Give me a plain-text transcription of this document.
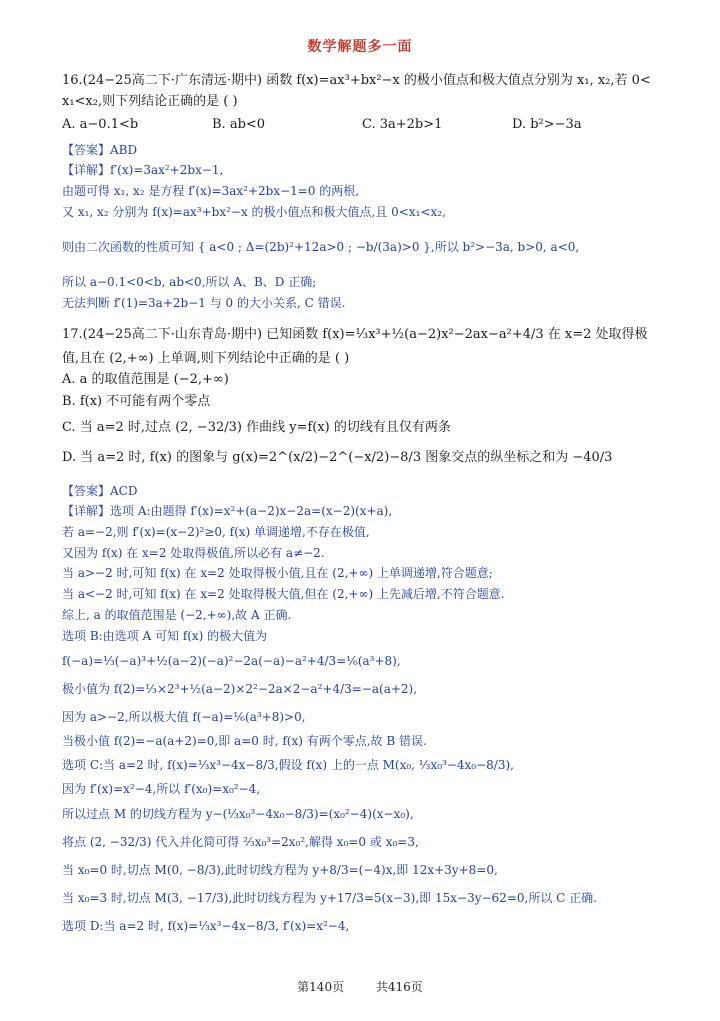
数学解题多一面

16.(24−25高二下·广东清远·期中) 函数 f(x)=ax³+bx²−x 的极小值点和极大值点分别为 x₁, x₂,若 0<

x₁<x₂,则下列结论正确的是 ( )

A. a−0.1<b	B. ab<0	C. 3a+2b>1	D. b²>−3a

【答案】ABD

【详解】f′(x)=3ax²+2bx−1,

由题可得 x₁, x₂ 是方程 f′(x)=3ax²+2bx−1=0 的两根,

又 x₁, x₂ 分别为 f(x)=ax³+bx²−x 的极小值点和极大值点,且 0<x₁<x₂,

则由二次函数的性质可知 { a<0 ; Δ=(2b)²+12a>0 ; −b/(3a)>0 },所以 b²>−3a, b>0, a<0,

所以 a−0.1<0<b, ab<0,所以 A、B、D 正确;

无法判断 f′(1)=3a+2b−1 与 0 的大小关系, C 错误.

17.(24−25高二下·山东青岛·期中) 已知函数 f(x)=⅓x³+½(a−2)x²−2ax−a²+4/3 在 x=2 处取得极

值,且在 (2,+∞) 上单调,则下列结论中正确的是 ( )

A. a 的取值范围是 (−2,+∞)

B. f(x) 不可能有两个零点

C. 当 a=2 时,过点 (2, −32/3) 作曲线 y=f(x) 的切线有且仅有两条

D. 当 a=2 时, f(x) 的图象与 g(x)=2^(x/2)−2^(−x/2)−8/3 图象交点的纵坐标之和为 −40/3

【答案】ACD

【详解】选项 A:由题得 f′(x)=x²+(a−2)x−2a=(x−2)(x+a),

若 a=−2,则 f′(x)=(x−2)²≥0, f(x) 单调递增,不存在极值,

又因为 f(x) 在 x=2 处取得极值,所以必有 a≠−2.

当 a>−2 时,可知 f(x) 在 x=2 处取得极小值,且在 (2,+∞) 上单调递增,符合题意;

当 a<−2 时,可知 f(x) 在 x=2 处取得极大值,但在 (2,+∞) 上先减后增,不符合题意.

综上, a 的取值范围是 (−2,+∞),故 A 正确.

选项 B:由选项 A 可知 f(x) 的极大值为

f(−a)=⅓(−a)³+½(a−2)(−a)²−2a(−a)−a²+4/3=⅙(a³+8),

极小值为 f(2)=⅓×2³+½(a−2)×2²−2a×2−a²+4/3=−a(a+2),

因为 a>−2,所以极大值 f(−a)=⅙(a³+8)>0,

当极小值 f(2)=−a(a+2)=0,即 a=0 时, f(x) 有两个零点,故 B 错误.

选项 C:当 a=2 时, f(x)=⅓x³−4x−8/3,假设 f(x) 上的一点 M(x₀, ⅓x₀³−4x₀−8/3),

因为 f′(x)=x²−4,所以 f′(x₀)=x₀²−4,

所以过点 M 的切线方程为 y−(⅓x₀³−4x₀−8/3)=(x₀²−4)(x−x₀),

将点 (2, −32/3) 代入并化简可得 ⅔x₀³=2x₀²,解得 x₀=0 或 x₀=3,

当 x₀=0 时,切点 M(0, −8/3),此时切线方程为 y+8/3=(−4)x,即 12x+3y+8=0,

当 x₀=3 时,切点 M(3, −17/3),此时切线方程为 y+17/3=5(x−3),即 15x−3y−62=0,所以 C 正确.

选项 D:当 a=2 时, f(x)=⅓x³−4x−8/3, f′(x)=x²−4,

第140页	共416页
